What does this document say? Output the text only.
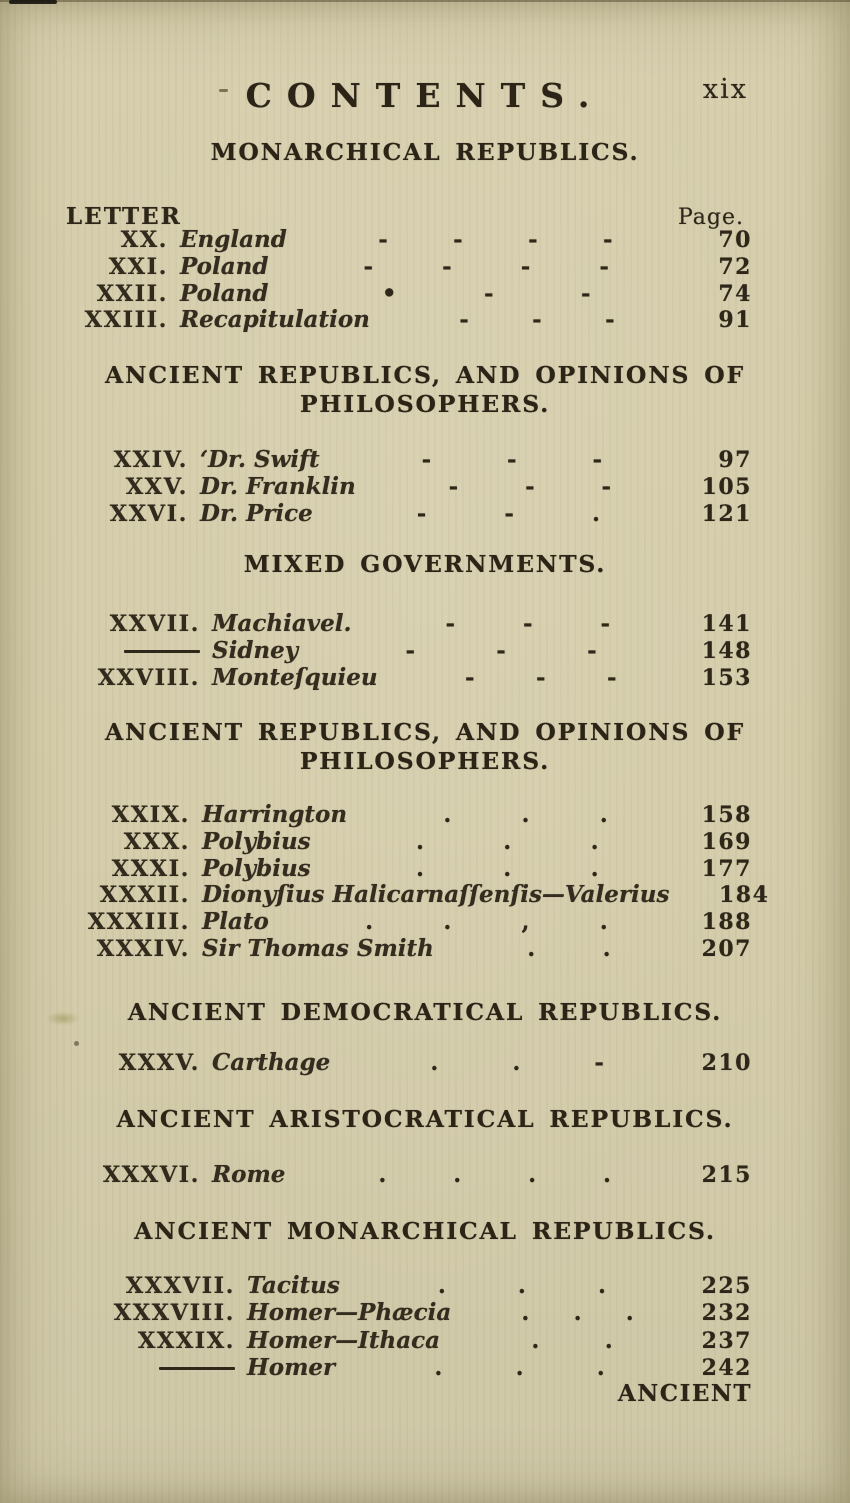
CONTENTS.	xix
MONARCHICAL REPUBLICS.
LETTER	Page.
XX. England	-	-	-	-	70
XXI. Poland	-	-	-	-	72
XXII. Poland	•	-	-	74
XXIII. Recapitulation	-	-	-	91
ANCIENT REPUBLICS, AND OPINIONS OF
PHILOSOPHERS.
XXIV. ‘Dr. Swift	-	-	-	97
XXV. Dr. Franklin	-	-	-	105
XXVI. Dr. Price	-	-	.	121
MIXED GOVERNMENTS.
XXVII. Machiavel.	-	-	-	141
Sidney	-	-	-	148
XXVIII. Monteſquieu	-	-	-	153
ANCIENT REPUBLICS, AND OPINIONS OF
PHILOSOPHERS.
XXIX. Harrington	.	.	.	158
XXX. Polybius	.	.	.	169
XXXI. Polybius	.	.	.	177
XXXII. Dionyſius Halicarnaſſenſis—Valerius 184
XXXIII. Plato	.	.	,	.	188
XXXIV. Sir Thomas Smith	.	.	207
ANCIENT DEMOCRATICAL REPUBLICS.
XXXV. Carthage	.	.	-	210
ANCIENT ARISTOCRATICAL REPUBLICS.
XXXVI. Rome	.	.	.	.	215
ANCIENT MONARCHICAL REPUBLICS.
XXXVII. Tacitus	.	.	.	225
XXXVIII. Homer—Phæcia	. . .	232
XXXIX. Homer—Ithaca	.	.	237
Homer	.	.	.	242
ANCIENT
